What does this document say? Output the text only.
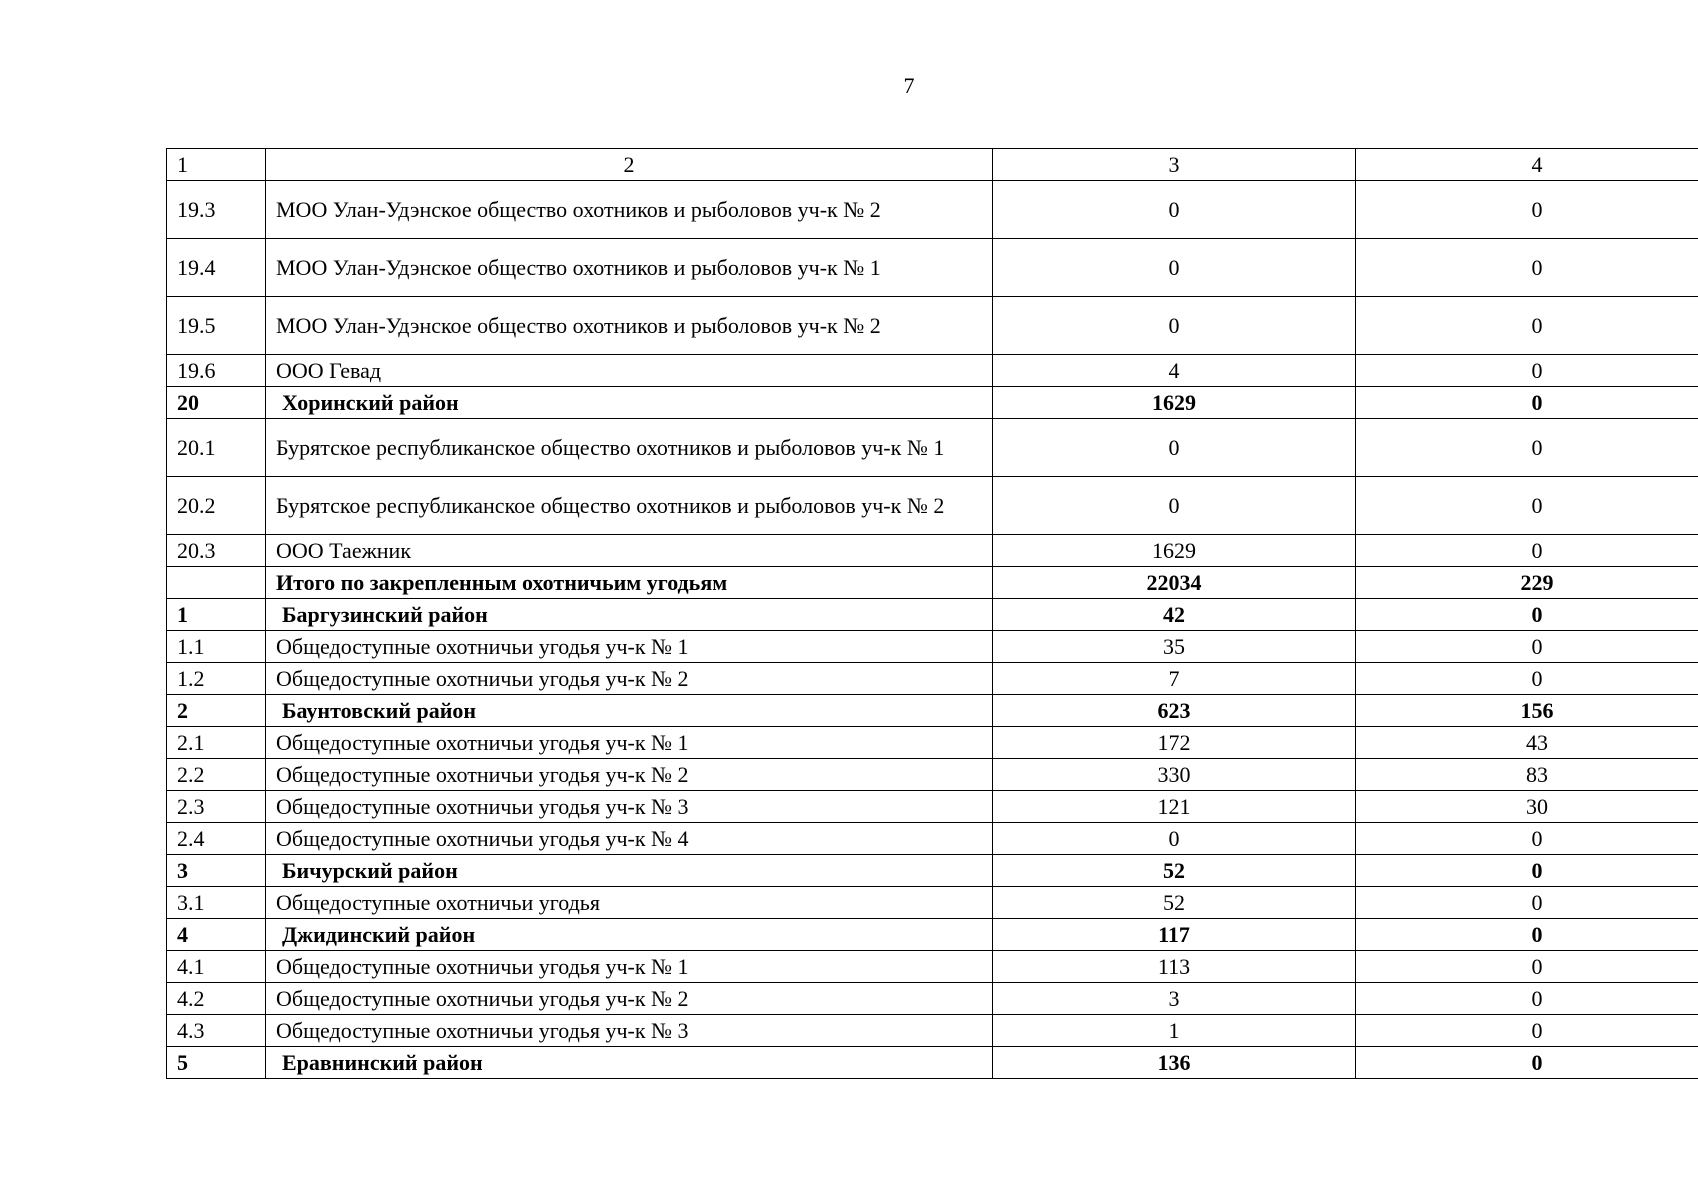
7
1	2	3	4
19.3	МОО Улан-Удэнское общество охотников и рыболовов уч-к № 2	0	0
19.4	МОО Улан-Удэнское общество охотников и рыболовов уч-к № 1	0	0
19.5	МОО Улан-Удэнское общество охотников и рыболовов уч-к № 2	0	0
19.6	ООО Гевад	4	0
20	Хоринский район	1629	0
20.1	Бурятское республиканское общество охотников и рыболовов уч-к № 1	0	0
20.2	Бурятское республиканское общество охотников и рыболовов уч-к № 2	0	0
20.3	ООО Таежник	1629	0

	Итого по закрепленным охотничьим угодьям	22034	229
1	Баргузинский район	42	0
1.1	Общедоступные охотничьи угодья уч-к № 1	35	0
1.2	Общедоступные охотничьи угодья уч-к № 2	7	0
2	Баунтовский район	623	156
2.1	Общедоступные охотничьи угодья уч-к № 1	172	43
2.2	Общедоступные охотничьи угодья уч-к № 2	330	83
2.3	Общедоступные охотничьи угодья уч-к № 3	121	30
2.4	Общедоступные охотничьи угодья уч-к № 4	0	0
3	Бичурский район	52	0
3.1	Общедоступные охотничьи угодья	52	0
4	Джидинский район	117	0
4.1	Общедоступные охотничьи угодья уч-к № 1	113	0
4.2	Общедоступные охотничьи угодья уч-к № 2	3	0
4.3	Общедоступные охотничьи угодья уч-к № 3	1	0
5	Еравнинский район	136	0
